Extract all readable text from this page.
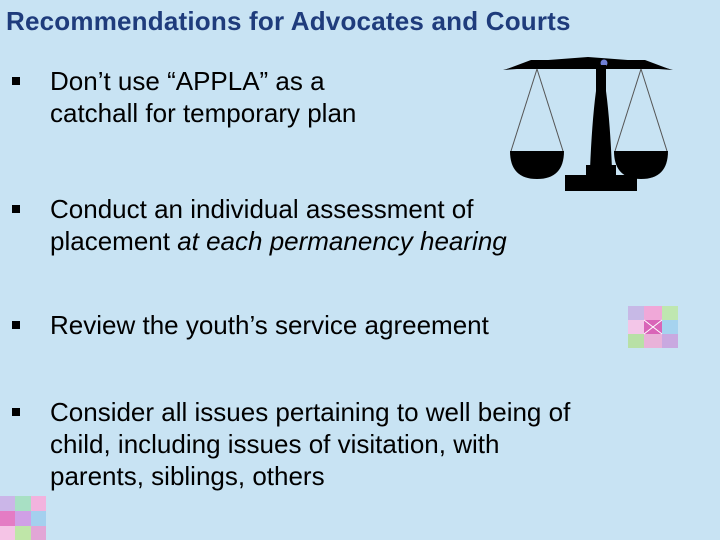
Recommendations for Advocates and Courts
Don’t use “APPLA” as a
catchall for temporary plan
Conduct an individual assessment of
placement at each permanency hearing
Review the youth’s service agreement
Consider all issues pertaining to well being of
child, including issues of visitation, with
parents, siblings, others
